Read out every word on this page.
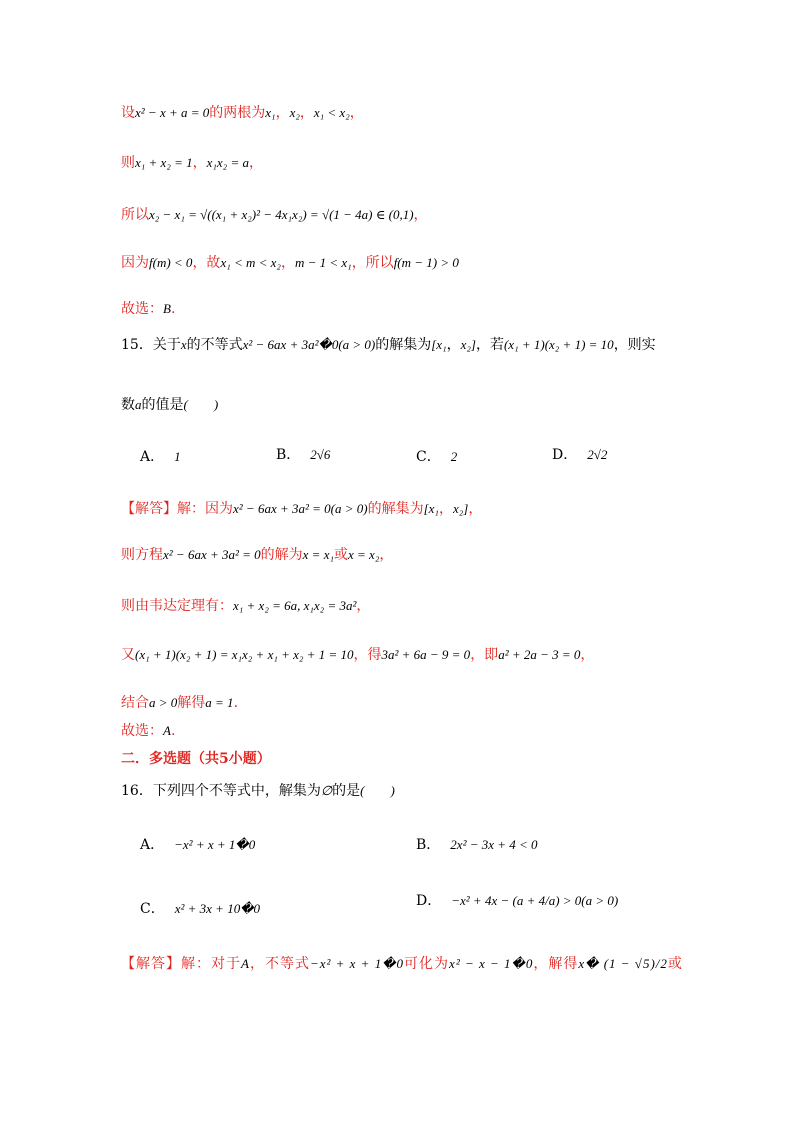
设x² − x + a = 0的两根为x₁，x₂，x₁ < x₂，
则x₁ + x₂ = 1，x₁x₂ = a，
所以x₂ − x₁ = √((x₁ + x₂)² − 4x₁x₂) = √(1 − 4a) ∈ (0,1)，
因为f(m) < 0，故x₁ < m < x₂，m − 1 < x₁，所以f(m − 1) > 0
故选：B.
15．关于x的不等式x² − 6ax + 3a²�0(a > 0)的解集为[x₁，x₂]，若(x₁ + 1)(x₂ + 1) = 10，则实
数a的值是(　　)
A． 1	B． 2√6	C． 2	D． 2√2
【解答】解：因为x² − 6ax + 3a² = 0(a > 0)的解集为[x₁，x₂]，
则方程x² − 6ax + 3a² = 0的解为x = x₁或x = x₂，
则由韦达定理有：x₁ + x₂ = 6a, x₁x₂ = 3a²，
又(x₁ + 1)(x₂ + 1) = x₁x₂ + x₁ + x₂ + 1 = 10，得3a² + 6a − 9 = 0，即a² + 2a − 3 = 0，
结合a > 0解得a = 1.
故选：A.
二．多选题（共5小题）
16．下列四个不等式中，解集为∅的是(　　)
A． −x² + x + 1�0	B． 2x² − 3x + 4 < 0
C． x² + 3x + 10�0	D． −x² + 4x − (a + 4/a) > 0(a > 0)
【解答】解：对于A，不等式−x² + x + 1�0可化为x² − x − 1�0，解得x� (1 − √5)/2或
